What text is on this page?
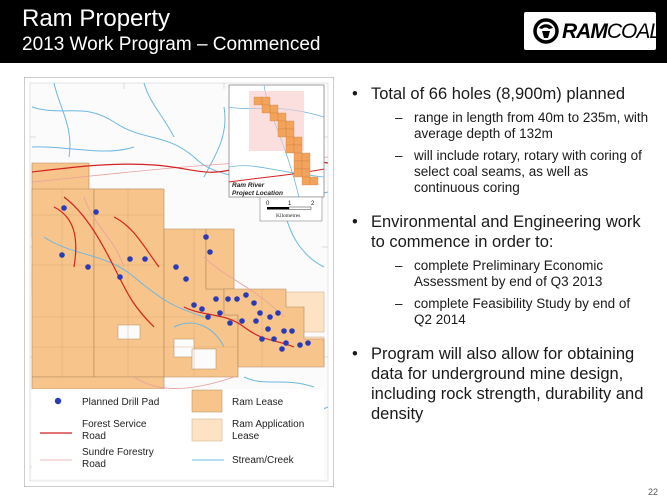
Ram Property
2013 Work Program – Commenced
RAMCOAL
Ram River
Project Location
0	1	2
Kilometres
Planned Drill Pad	Ram Lease
Forest Service
Road
Ram Application
Lease
Sundre Forestry
Road	Stream/Creek
• Total of 66 holes (8,900m) planned
– range in length from 40m to 235m, with average depth of 132m
– will include rotary, rotary with coring of select coal seams, as well as continuous coring
• Environmental and Engineering work to commence in order to:
– complete Preliminary Economic Assessment by end of Q3 2013
– complete Feasibility Study by end of Q2 2014
• Program will also allow for obtaining data for underground mine design, including rock strength, durability and density
22
